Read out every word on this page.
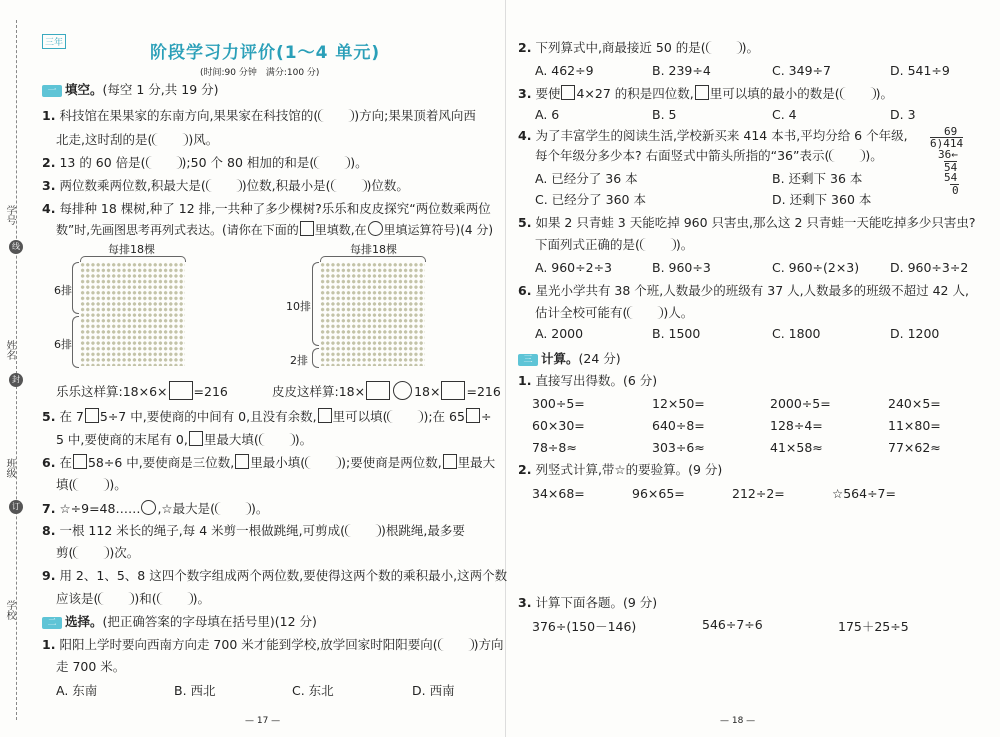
线
封
订
学号
姓名
班级
学校
三年	阶段学习力评价(1～4 单元)
(时间:90 分钟　满分:100 分)
一 填空。(每空 1 分,共 19 分)
1. 科技馆在果果家的东南方向,果果家在科技馆的(	)方向;果果顶着风向西
北走,这时刮的是(	)风。
2. 13 的 60 倍是(	);50 个 80 相加的和是(	)。
3. 两位数乘两位数,积最大是(	)位数,积最小是(	)位数。
4. 每排种 18 棵树,种了 12 排,一共种了多少棵树?乐乐和皮皮探究“两位数乘两位
数”时,先画图思考再列式表达。(请你在下面的 里填数,在 里填运算符号)(4 分)
每排18棵
6排
6排
每排18棵
10排
2排
乐乐这样算:18×6× =216	皮皮这样算:18×	18× =216
5. 在 7 5÷7 中,要使商的中间有 0,且没有余数, 里可以填(	);在 65 ÷
5 中,要使商的末尾有 0, 里最大填(	)。
6. 在 58÷6 中,要使商是三位数, 里最小填(	);要使商是两位数, 里最大
填(	)。
7. ☆÷9=48…… ,☆最大是(	)。
8. 一根 112 米长的绳子,每 4 米剪一根做跳绳,可剪成(	)根跳绳,最多要
剪(	)次。
9. 用 2、1、5、8 这四个数字组成两个两位数,要使得这两个数的乘积最小,这两个数
应该是(	)和(	)。
二 选择。(把正确答案的字母填在括号里)(12 分)
1. 阳阳上学时要向西南方向走 700 米才能到学校,放学回家时阳阳要向(	)方向
走 700 米。
A. 东南	B. 西北	C. 东北	D. 西南
— 17 —
2. 下列算式中,商最接近 50 的是(	)。
A. 462÷9	B. 239÷4	C. 349÷7	D. 541÷9
3. 要使 4×27 的积是四位数, 里可以填的最小的数是(	)。
A. 6	B. 5	C. 4	D. 3
4. 为了丰富学生的阅读生活,学校新买来 414 本书,平均分给 6 个年级,
每个年级分多少本? 右面竖式中箭头所指的“36”表示(	)。
A. 已经分了 36 本	B. 还剩下 36 本
C. 已经分了 360 本	D. 还剩下 360 本
69
6)414
36←
54
54
0
5. 如果 2 只青蛙 3 天能吃掉 960 只害虫,那么这 2 只青蛙一天能吃掉多少只害虫?
下面列式正确的是(	)。
A. 960÷2÷3	B. 960÷3	C. 960÷(2×3) D. 960÷3÷2
6. 星光小学共有 38 个班,人数最少的班级有 37 人,人数最多的班级不超过 42 人,
估计全校可能有(	)人。
A. 2000	B. 1500	C. 1800	D. 1200
三 计算。(24 分)
1. 直接写出得数。(6 分)
300÷5=	12×50=	2000÷5=	240×5=
60×30=	640÷8=	128÷4=	11×80=
78÷8≈	303÷6≈	41×58≈	77×62≈
2. 列竖式计算,带☆的要验算。(9 分)
34×68=	96×65=	212÷2=	☆564÷7=
3. 计算下面各题。(9 分)
376÷(150－146)	546÷7÷6	175＋25÷5
— 18 —
